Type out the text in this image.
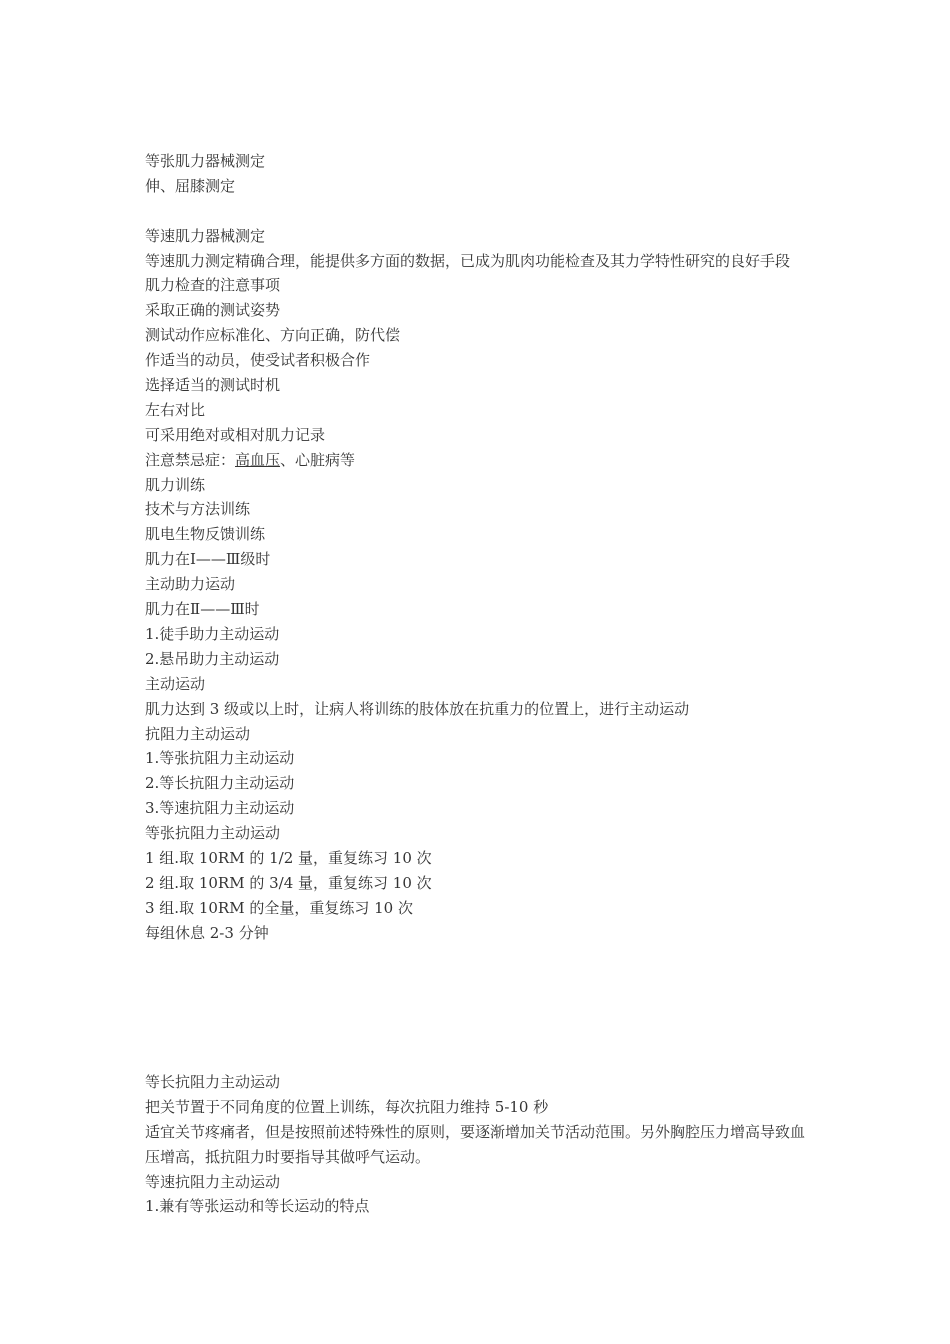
等张肌力器械测定
伸、屈膝测定
等速肌力器械测定
等速肌力测定精确合理，能提供多方面的数据，已成为肌肉功能检查及其力学特性研究的良好手段
肌力检查的注意事项
采取正确的测试姿势
测试动作应标准化、方向正确，防代偿
作适当的动员，使受试者积极合作
选择适当的测试时机
左右对比
可采用绝对或相对肌力记录
注意禁忌症：高血压、心脏病等
肌力训练
技术与方法训练
肌电生物反馈训练
肌力在Ⅰ——Ⅲ级时
主动助力运动
肌力在Ⅱ——Ⅲ时
1.徒手助力主动运动
2.悬吊助力主动运动
主动运动
肌力达到 3 级或以上时，让病人将训练的肢体放在抗重力的位置上，进行主动运动
抗阻力主动运动
1.等张抗阻力主动运动
2.等长抗阻力主动运动
3.等速抗阻力主动运动
等张抗阻力主动运动
1 组.取 10RM 的 1/2 量，重复练习 10 次
2 组.取 10RM 的 3/4 量，重复练习 10 次
3 组.取 10RM 的全量，重复练习 10 次
每组休息 2-3 分钟
等长抗阻力主动运动
把关节置于不同角度的位置上训练，每次抗阻力维持 5-10 秒
适宜关节疼痛者，但是按照前述特殊性的原则，要逐渐增加关节活动范围。另外胸腔压力增高导致血压增高，抵抗阻力时要指导其做呼气运动。
等速抗阻力主动运动
1.兼有等张运动和等长运动的特点
